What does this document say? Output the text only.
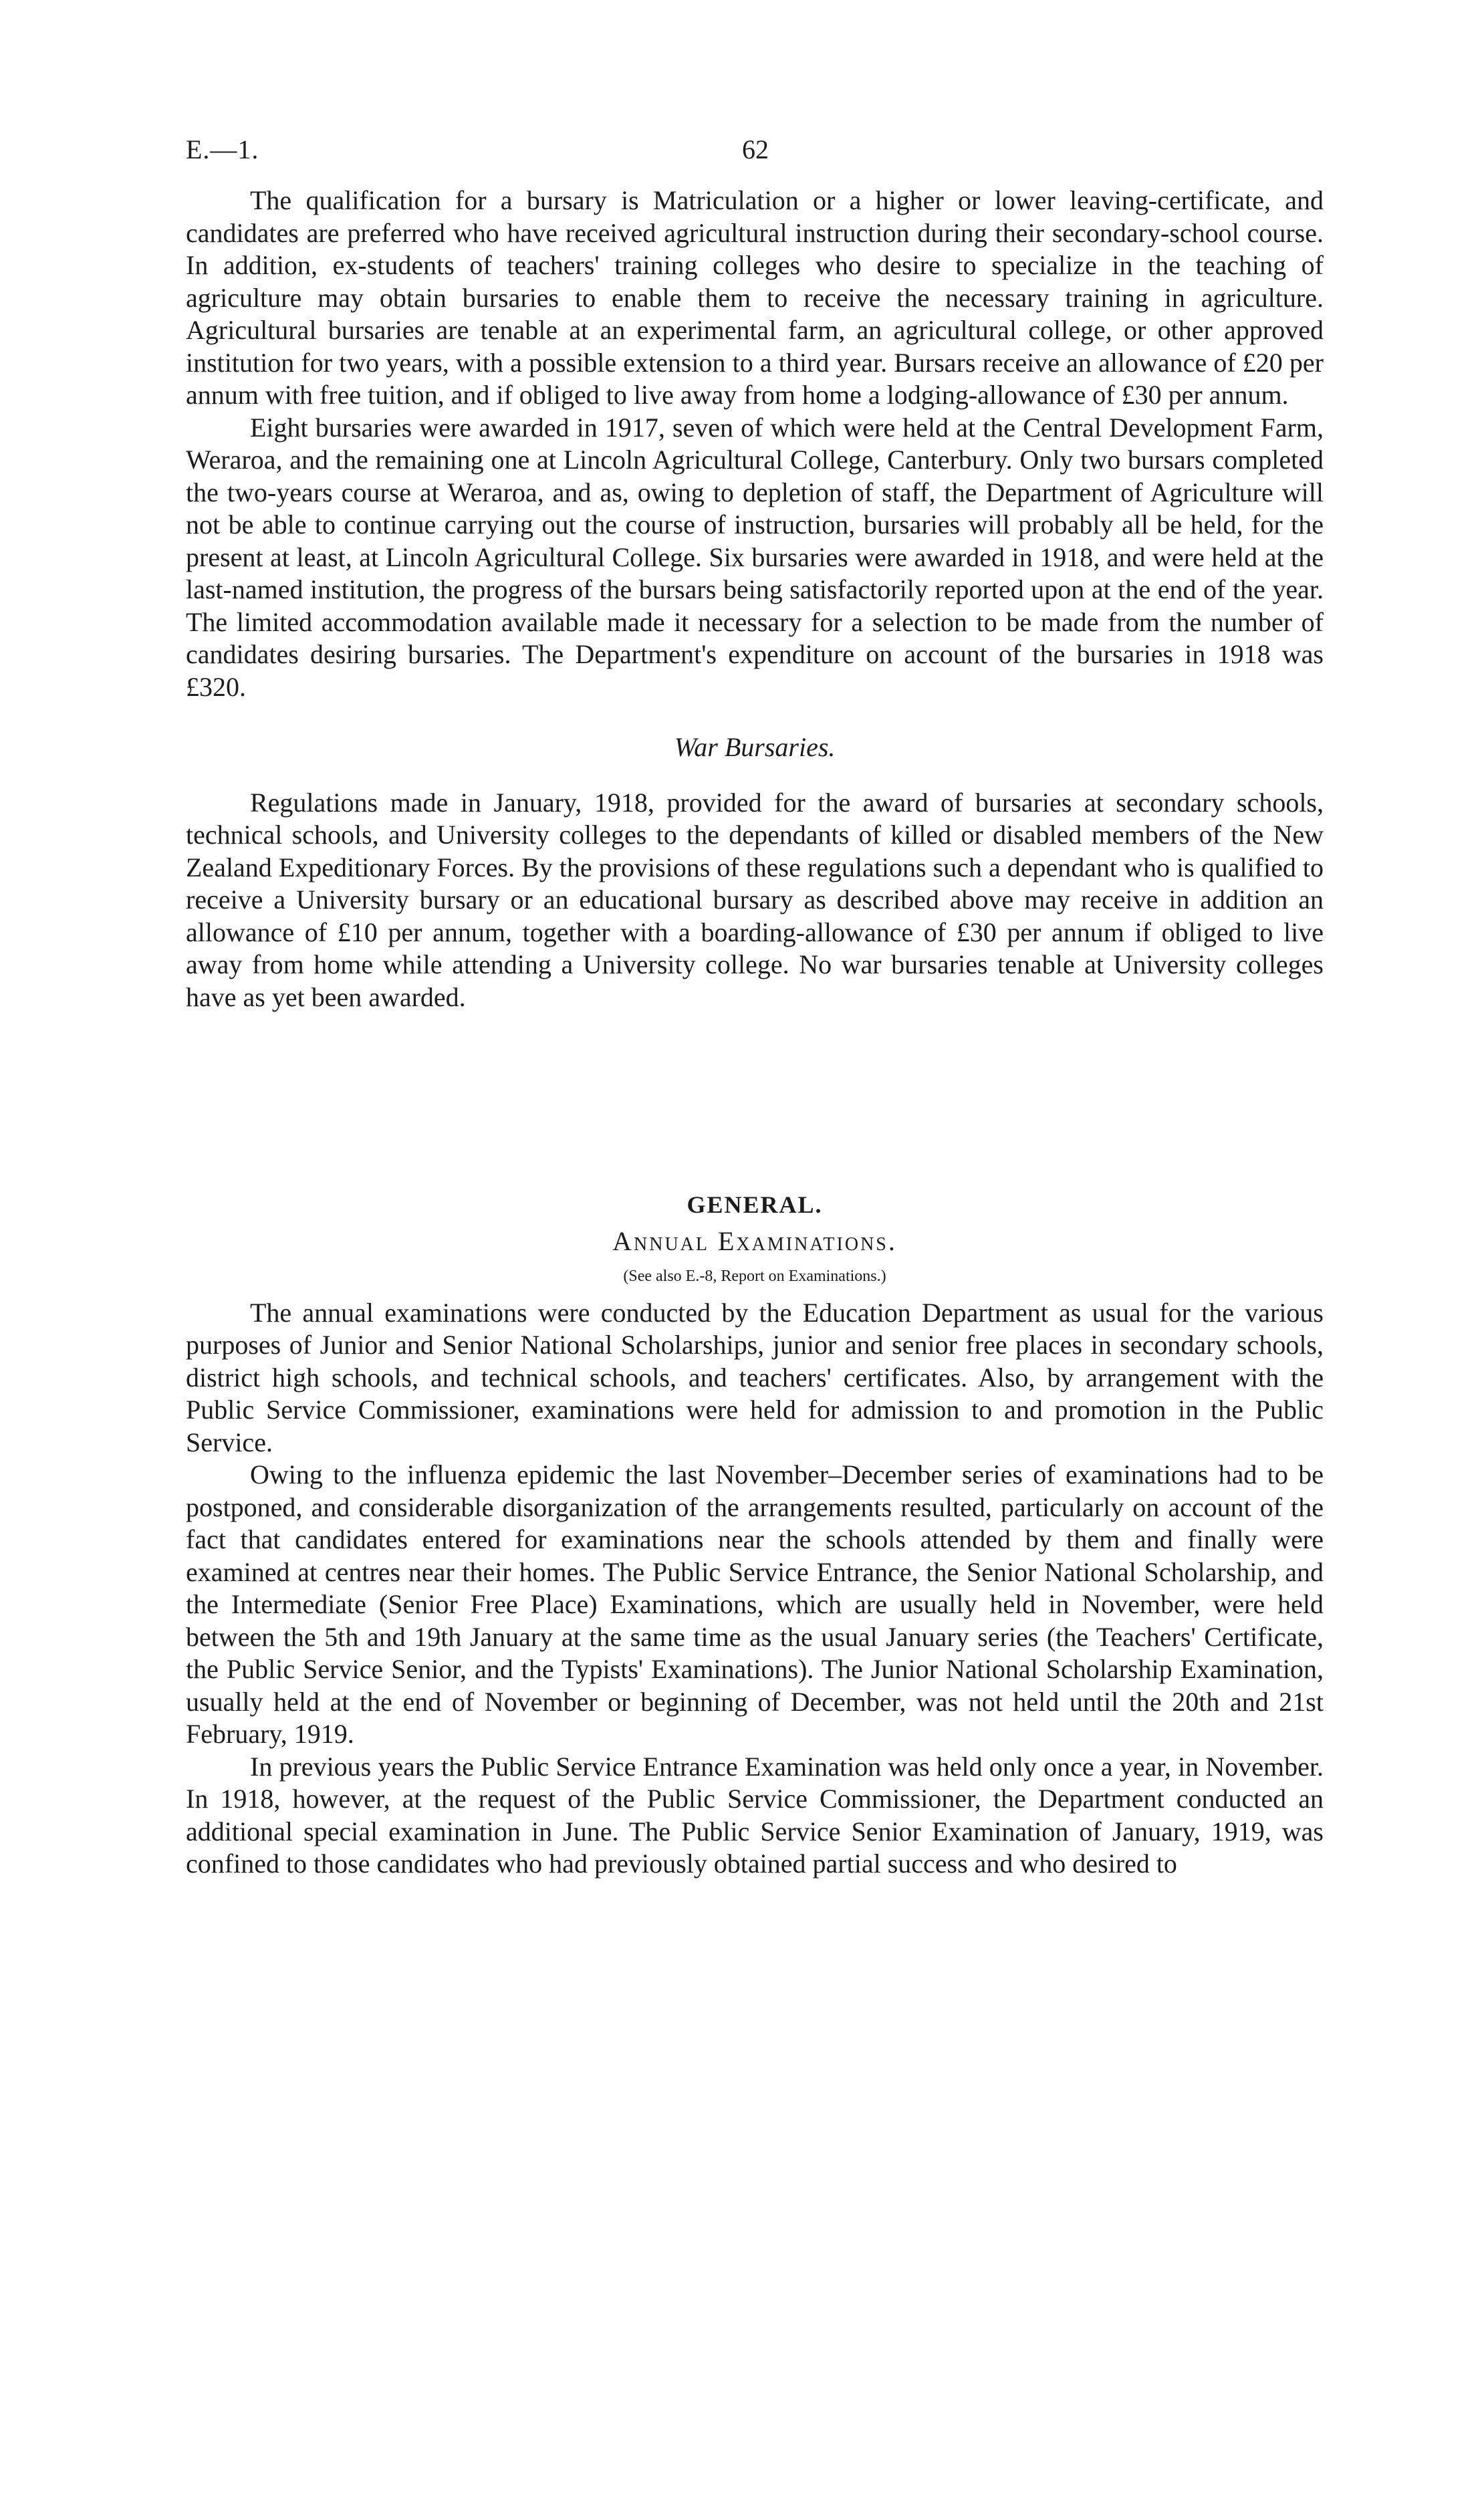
E.—1.	62

The qualification for a bursary is Matriculation or a higher or lower leaving-certificate, and candidates are preferred who have received agricultural instruction during their secondary-school course. In addition, ex-students of teachers' training colleges who desire to specialize in the teaching of agriculture may obtain bursaries to enable them to receive the necessary training in agriculture. Agricultural bursaries are tenable at an experimental farm, an agricultural college, or other approved institution for two years, with a possible extension to a third year. Bursars receive an allowance of £20 per annum with free tuition, and if obliged to live away from home a lodging-allowance of £30 per annum.

Eight bursaries were awarded in 1917, seven of which were held at the Central Development Farm, Weraroa, and the remaining one at Lincoln Agricultural College, Canterbury. Only two bursars completed the two-years course at Weraroa, and as, owing to depletion of staff, the Department of Agriculture will not be able to continue carrying out the course of instruction, bursaries will probably all be held, for the present at least, at Lincoln Agricultural College. Six bursaries were awarded in 1918, and were held at the last-named institution, the progress of the bursars being satisfactorily reported upon at the end of the year. The limited accommodation available made it necessary for a selection to be made from the number of candidates desiring bursaries. The Department's expenditure on account of the bursaries in 1918 was £320.

War Bursaries.

Regulations made in January, 1918, provided for the award of bursaries at secondary schools, technical schools, and University colleges to the dependants of killed or disabled members of the New Zealand Expeditionary Forces. By the provisions of these regulations such a dependant who is qualified to receive a University bursary or an educational bursary as described above may receive in addition an allowance of £10 per annum, together with a boarding-allowance of £30 per annum if obliged to live away from home while attending a University college. No war bursaries tenable at University colleges have as yet been awarded.

GENERAL.
Annual Examinations.
(See also E.-8, Report on Examinations.)

The annual examinations were conducted by the Education Department as usual for the various purposes of Junior and Senior National Scholarships, junior and senior free places in secondary schools, district high schools, and technical schools, and teachers' certificates. Also, by arrangement with the Public Service Commissioner, examinations were held for admission to and promotion in the Public Service.

Owing to the influenza epidemic the last November–December series of examinations had to be postponed, and considerable disorganization of the arrangements resulted, particularly on account of the fact that candidates entered for examinations near the schools attended by them and finally were examined at centres near their homes. The Public Service Entrance, the Senior National Scholarship, and the Intermediate (Senior Free Place) Examinations, which are usually held in November, were held between the 5th and 19th January at the same time as the usual January series (the Teachers' Certificate, the Public Service Senior, and the Typists' Examinations). The Junior National Scholarship Examination, usually held at the end of November or beginning of December, was not held until the 20th and 21st February, 1919.

In previous years the Public Service Entrance Examination was held only once a year, in November. In 1918, however, at the request of the Public Service Commissioner, the Department conducted an additional special examination in June. The Public Service Senior Examination of January, 1919, was confined to those candidates who had previously obtained partial success and who desired to
